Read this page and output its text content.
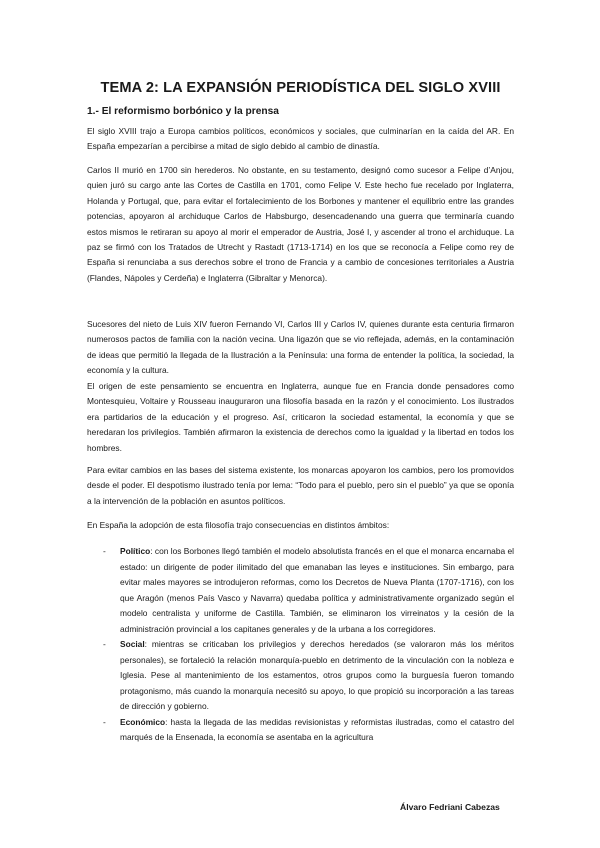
TEMA 2: LA EXPANSIÓN PERIODÍSTICA DEL SIGLO XVIII
1.- El reformismo borbónico y la prensa

El siglo XVIII trajo a Europa cambios políticos, económicos y sociales, que culminarían en la caída del AR. En España empezarían a percibirse a mitad de siglo debido al cambio de dinastía.

Carlos II murió en 1700 sin herederos. No obstante, en su testamento, designó como sucesor a Felipe d’Anjou, quien juró su cargo ante las Cortes de Castilla en 1701, como Felipe V. Este hecho fue recelado por Inglaterra, Holanda y Portugal, que, para evitar el fortalecimiento de los Borbones y mantener el equilibrio entre las grandes potencias, apoyaron al archiduque Carlos de Habsburgo, desencadenando una guerra que terminaría cuando estos mismos le retiraran su apoyo al morir el emperador de Austria, José I, y ascender al trono el archiduque. La paz se firmó con los Tratados de Utrecht y Rastadt (1713-1714) en los que se reconocía a Felipe como rey de España si renunciaba a sus derechos sobre el trono de Francia y a cambio de concesiones territoriales a Austria (Flandes, Nápoles y Cerdeña) e Inglaterra (Gibraltar y Menorca).

Sucesores del nieto de Luis XIV fueron Fernando VI, Carlos III y Carlos IV, quienes durante esta centuria firmaron numerosos pactos de familia con la nación vecina. Una ligazón que se vio reflejada, además, en la contaminación de ideas que permitió la llegada de la Ilustración a la Península: una forma de entender la política, la sociedad, la economía y la cultura.

El origen de este pensamiento se encuentra en Inglaterra, aunque fue en Francia donde pensadores como Montesquieu, Voltaire y Rousseau inauguraron una filosofía basada en la razón y el conocimiento. Los ilustrados era partidarios de la educación y el progreso. Así, criticaron la sociedad estamental, la economía y que se heredaran los privilegios. También afirmaron la existencia de derechos como la igualdad y la libertad en todos los hombres.

Para evitar cambios en las bases del sistema existente, los monarcas apoyaron los cambios, pero los promovidos desde el poder. El despotismo ilustrado tenía por lema: “Todo para el pueblo, pero sin el pueblo” ya que se oponía a la intervención de la población en asuntos políticos.

En España la adopción de esta filosofía trajo consecuencias en distintos ámbitos:

- Político: con los Borbones llegó también el modelo absolutista francés en el que el monarca encarnaba el estado: un dirigente de poder ilimitado del que emanaban las leyes e instituciones. Sin embargo, para evitar males mayores se introdujeron reformas, como los Decretos de Nueva Planta (1707-1716), con los que Aragón (menos País Vasco y Navarra) quedaba política y administrativamente organizado según el modelo centralista y uniforme de Castilla. También, se eliminaron los virreinatos y la cesión de la administración provincial a los capitanes generales y de la urbana a los corregidores.
- Social: mientras se criticaban los privilegios y derechos heredados (se valoraron más los méritos personales), se fortaleció la relación monarquía-pueblo en detrimento de la vinculación con la nobleza e Iglesia. Pese al mantenimiento de los estamentos, otros grupos como la burguesía fueron tomando protagonismo, más cuando la monarquía necesitó su apoyo, lo que propició su incorporación a las tareas de dirección y gobierno.
- Económico: hasta la llegada de las medidas revisionistas y reformistas ilustradas, como el catastro del marqués de la Ensenada, la economía se asentaba en la agricultura
Álvaro Fedriani Cabezas
